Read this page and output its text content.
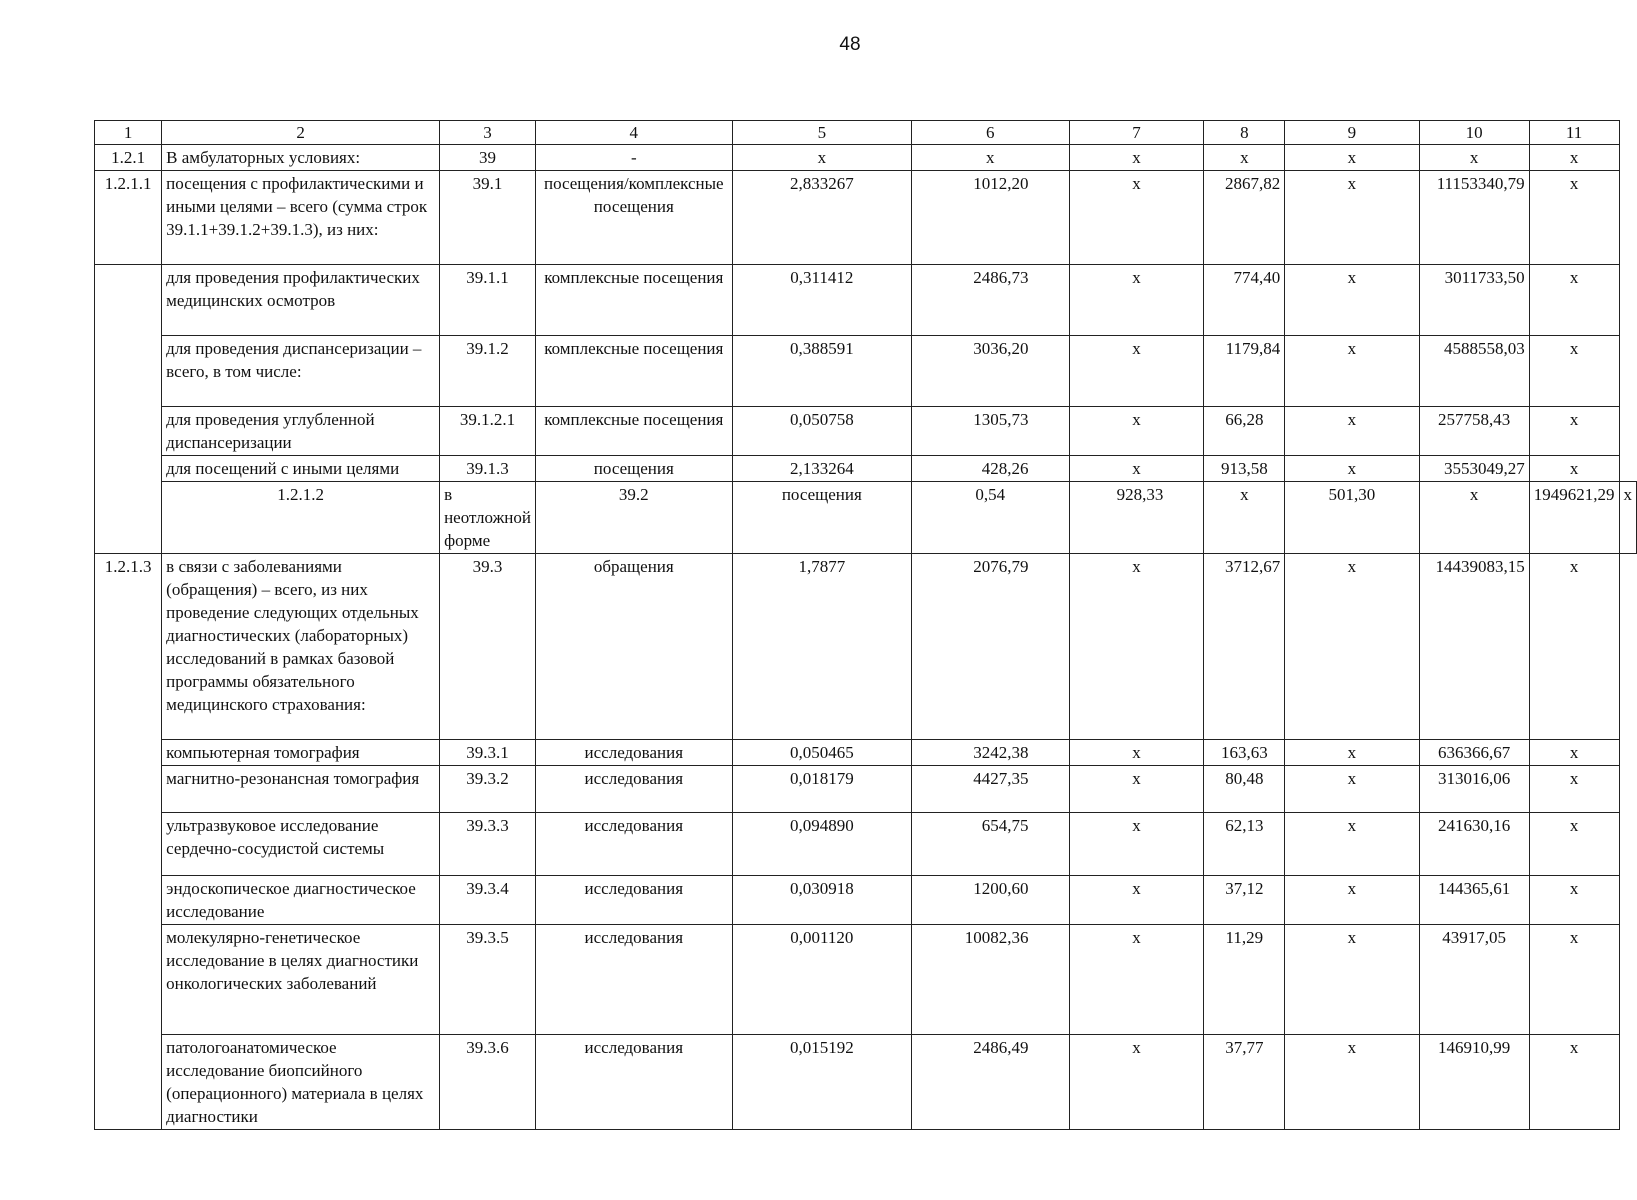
48
1	2	3	4	5	6	7	8	9	10	11	
1.2.1	В амбулаторных условиях:	39	-	х	х	х	х	х	х	х	
1.2.1.1	посещения с профилактическими и иными целями – всего (сумма строк 39.1.1+39.1.2+39.1.3), из них:	39.1	посещения/комплексные посещения	2,833267	1012,20	х	2867,82	х	11153340,79	х	
	для проведения профилактических медицинских осмотров	39.1.1	комплексные посещения	0,311412	2486,73	х	774,40	х	3011733,50	х	
	для проведения диспансеризации – всего, в том числе:	39.1.2	комплексные посещения	0,388591	3036,20	х	1179,84	х	4588558,03	х	
	для проведения углубленной диспансеризации	39.1.2.1	комплексные посещения	0,050758	1305,73	х	66,28	х	257758,43	х	
	для посещений с иными целями	39.1.3	посещения	2,133264	428,26	х	913,58	х	3553049,27	х	
	1.2.1.2	в неотложной форме	39.2	посещения	0,54	928,33	х	501,30	х	1949621,29	х
1.2.1.3	в связи с заболеваниями (обращения) – всего, из них проведение следующих отдельных диагностических (лабораторных) исследований в рамках базовой программы обязательного медицинского страхования:	39.3	обращения	1,7877	2076,79	х	3712,67	х	14439083,15	х	
	компьютерная томография	39.3.1	исследования	0,050465	3242,38	х	163,63	х	636366,67	х	
	магнитно-резонансная томография	39.3.2	исследования	0,018179	4427,35	х	80,48	х	313016,06	х	
	ультразвуковое исследование сердечно-сосудистой системы	39.3.3	исследования	0,094890	654,75	х	62,13	х	241630,16	х	
	эндоскопическое диагностическое исследование	39.3.4	исследования	0,030918	1200,60	х	37,12	х	144365,61	х	
	молекулярно-генетическое исследование в целях диагностики онкологических заболеваний	39.3.5	исследования	0,001120	10082,36	х	11,29	х	43917,05	х	
	патологоанатомическое исследование биопсийного (операционного) материала в целях диагностики	39.3.6	исследования	0,015192	2486,49	х	37,77	х	146910,99	х	
